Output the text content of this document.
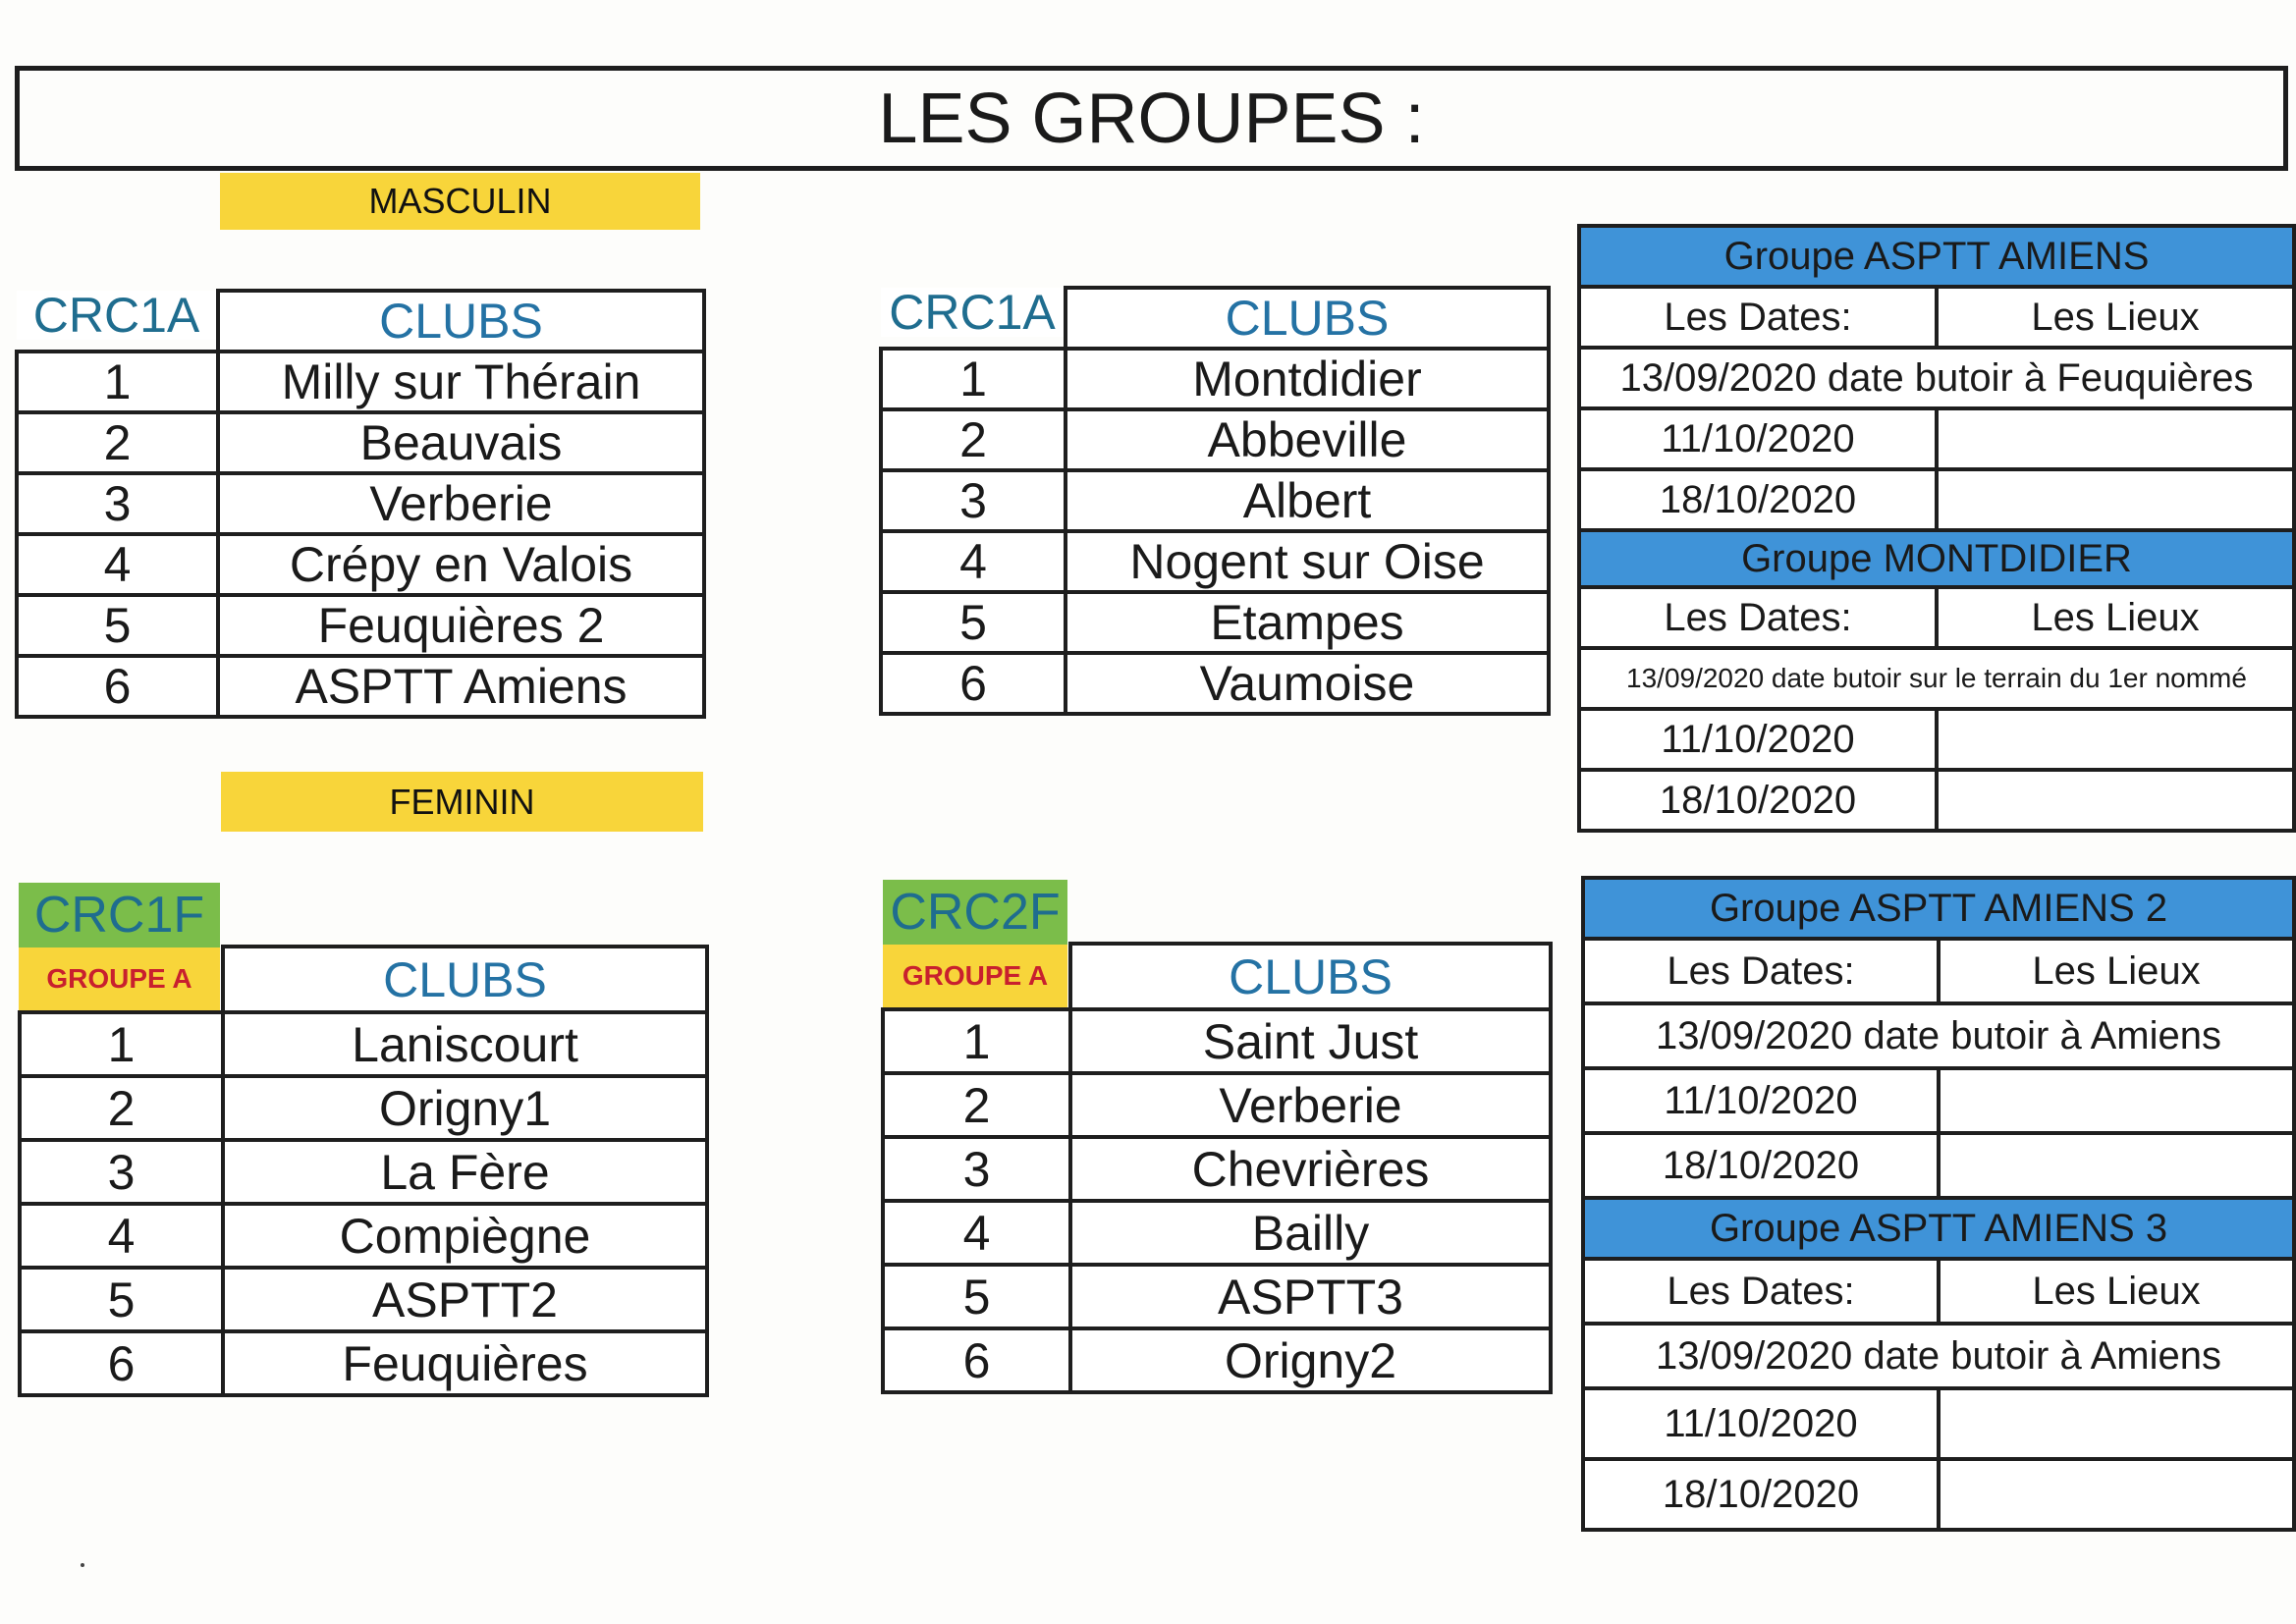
LES GROUPES :
MASCULIN
CRC1A	CLUBS
1	Milly sur Thérain
2	Beauvais
3	Verberie
4	Crépy en Valois
5	Feuquières 2
6	ASPTT Amiens
CRC1A	CLUBS
1	Montdidier
2	Abbeville
3	Albert
4	Nogent sur Oise
5	Etampes
6	Vaumoise
Groupe ASPTT AMIENS	
Les Dates:	Les Lieux
13/09/2020 date butoir à Feuquières	
11/10/2020	
18/10/2020	
Groupe MONTDIDIER	
Les Dates:	Les Lieux
13/09/2020 date butoir sur le terrain du 1er nommé	
11/10/2020	
18/10/2020	
FEMININ
CRC1F
GROUPE A
		CLUBS
1	Laniscourt
2	Origny1
3	La Fère
4	Compiègne
5	ASPTT2
6	Feuquières
CRC2F
GROUPE A
		CLUBS
1	Saint Just
2	Verberie
3	Chevrières
4	Bailly
5	ASPTT3
6	Origny2
Groupe ASPTT AMIENS 2	
Les Dates:	Les Lieux
13/09/2020 date butoir à Amiens	
11/10/2020	
18/10/2020	
Groupe ASPTT AMIENS 3	
Les Dates:	Les Lieux
13/09/2020 date butoir à Amiens	
11/10/2020	
18/10/2020	
